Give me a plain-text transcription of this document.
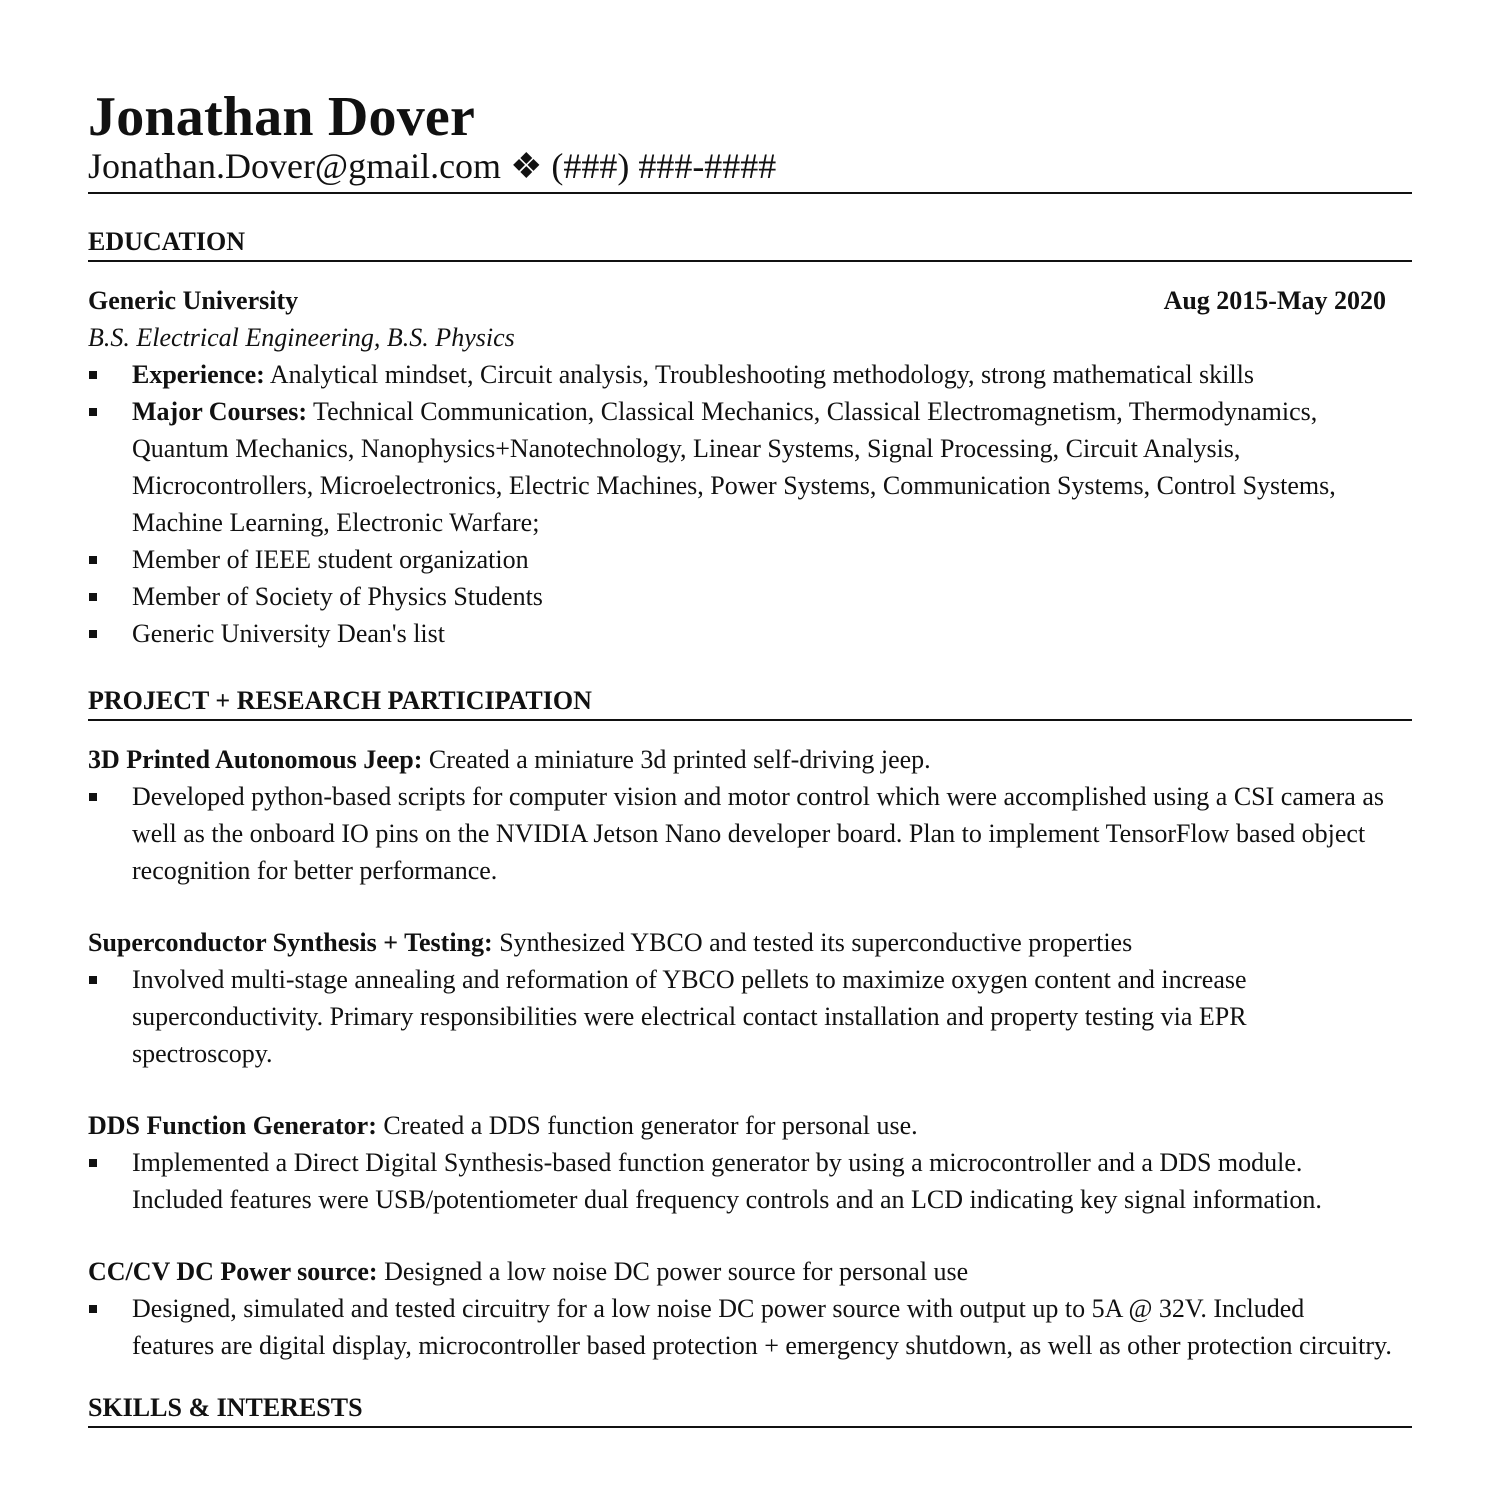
Jonathan Dover
Jonathan.Dover@gmail.com ❖ (###) ###-####
EDUCATION
Generic University	Aug 2015-May 2020
B.S. Electrical Engineering, B.S. Physics
Experience: Analytical mindset, Circuit analysis, Troubleshooting methodology, strong mathematical skills
Major Courses: Technical Communication, Classical Mechanics, Classical Electromagnetism, Thermodynamics, Quantum Mechanics, Nanophysics+Nanotechnology, Linear Systems, Signal Processing, Circuit Analysis, Microcontrollers, Microelectronics, Electric Machines, Power Systems, Communication Systems, Control Systems, Machine Learning, Electronic Warfare;
Member of IEEE student organization
Member of Society of Physics Students
Generic University Dean's list
PROJECT + RESEARCH PARTICIPATION
3D Printed Autonomous Jeep: Created a miniature 3d printed self-driving jeep.
Developed python-based scripts for computer vision and motor control which were accomplished using a CSI camera as well as the onboard IO pins on the NVIDIA Jetson Nano developer board. Plan to implement TensorFlow based object recognition for better performance.
Superconductor Synthesis + Testing: Synthesized YBCO and tested its superconductive properties
Involved multi-stage annealing and reformation of YBCO pellets to maximize oxygen content and increase superconductivity. Primary responsibilities were electrical contact installation and property testing via EPR spectroscopy.
DDS Function Generator: Created a DDS function generator for personal use.
Implemented a Direct Digital Synthesis-based function generator by using a microcontroller and a DDS module. Included features were USB/potentiometer dual frequency controls and an LCD indicating key signal information.
CC/CV DC Power source: Designed a low noise DC power source for personal use
Designed, simulated and tested circuitry for a low noise DC power source with output up to 5A @ 32V. Included features are digital display, microcontroller based protection + emergency shutdown, as well as other protection circuitry.
SKILLS & INTERESTS
